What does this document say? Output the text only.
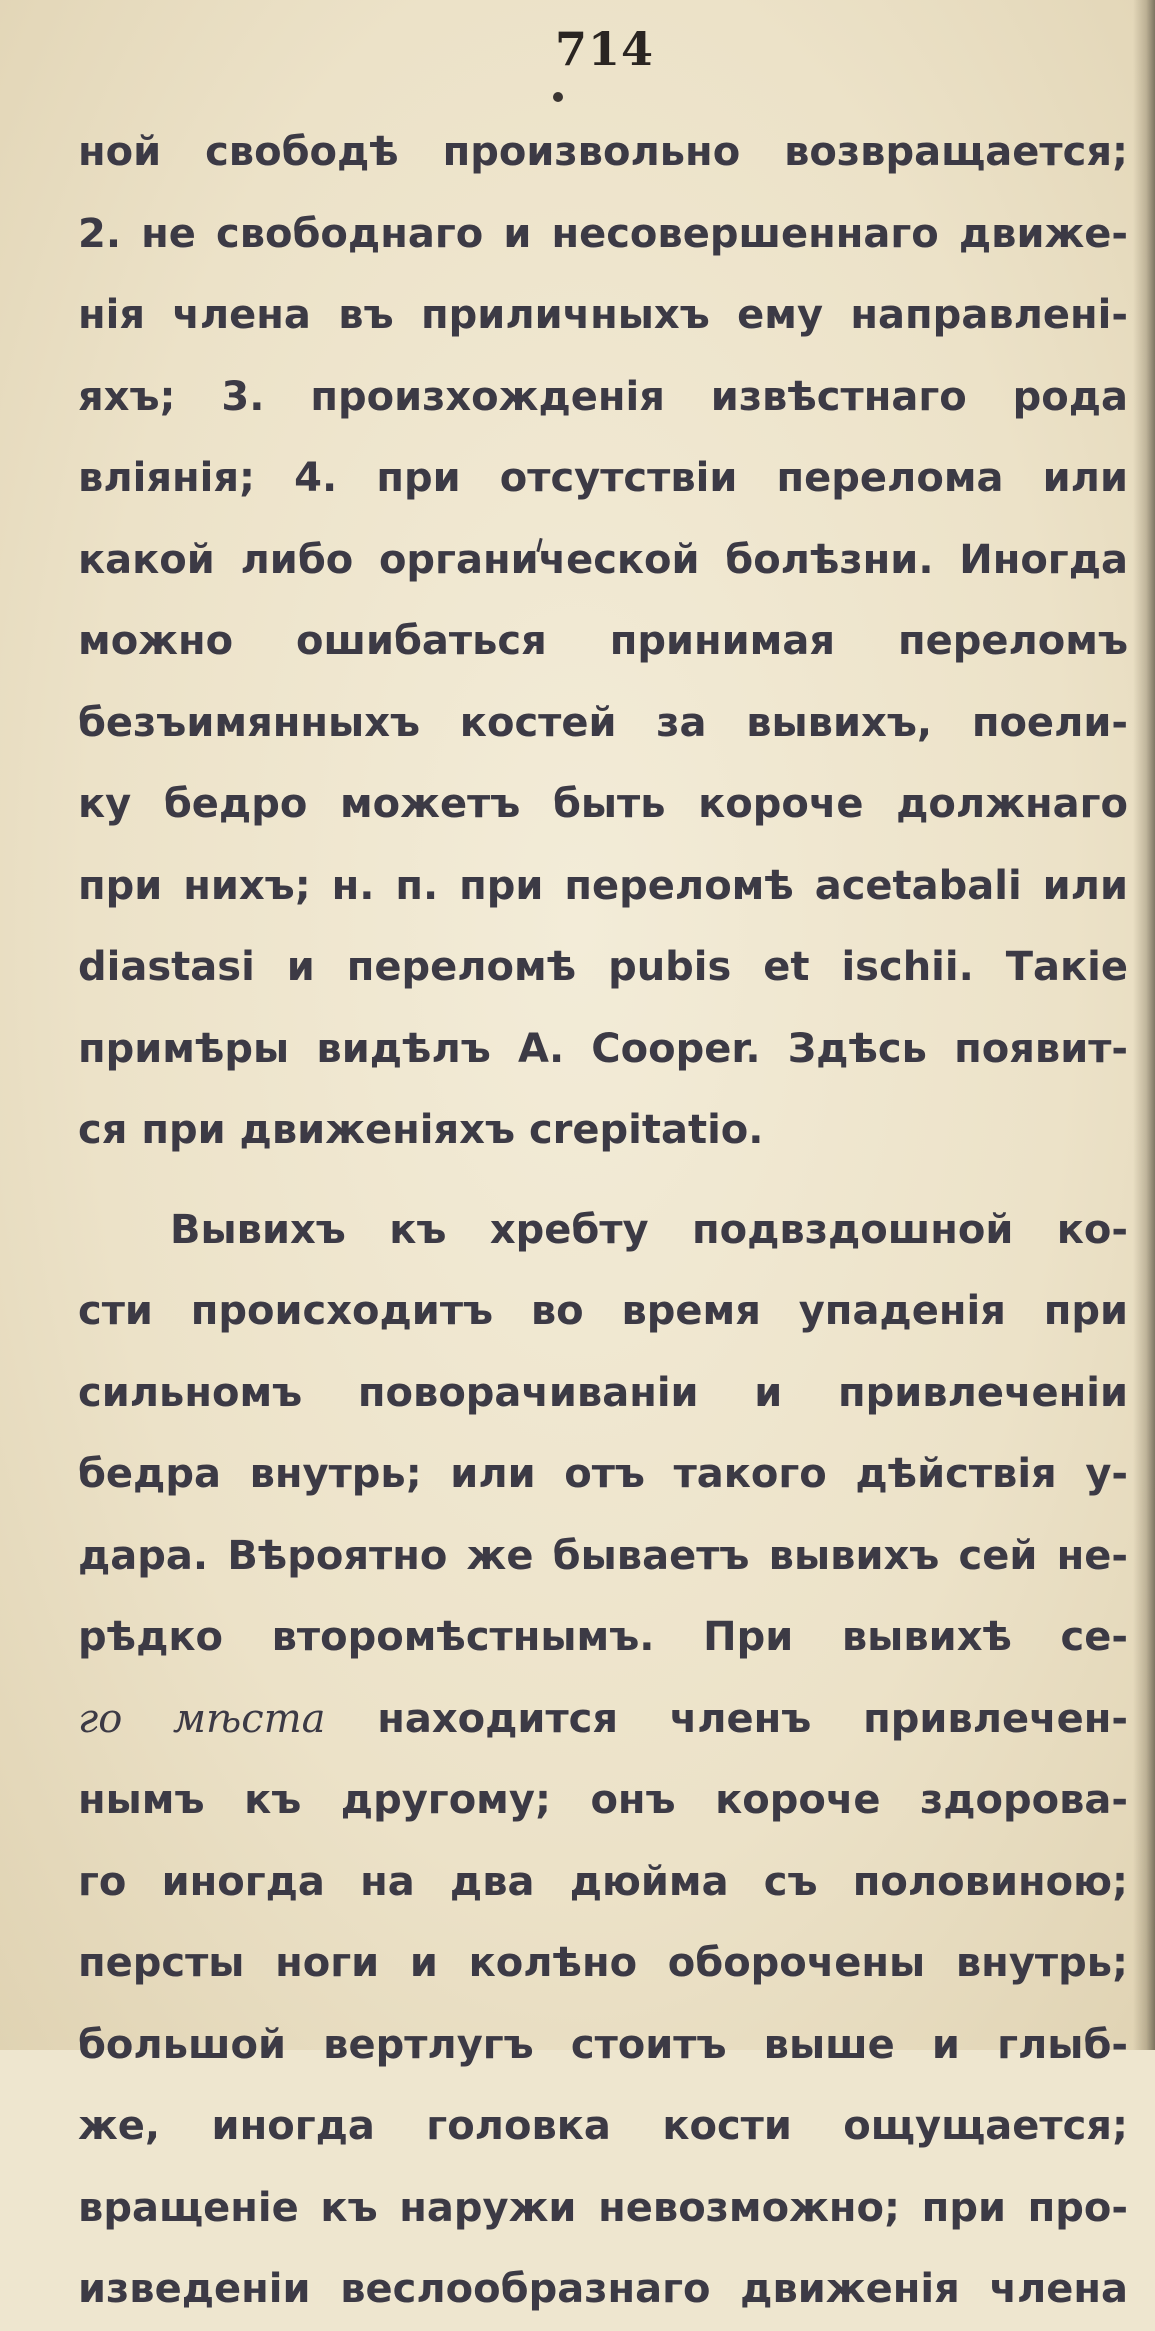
714
ной свободѣ произвольно возвращается;
2. не свободнаго и несовершеннаго движе-
нія члена въ приличныхъ ему направлені-
яхъ; 3. произхожденія извѣстнаго рода
вліянія; 4. при отсутствіи перелома или
какой либо органической болѣзни. Иногда
можно ошибаться принимая переломъ
безъимянныхъ костей за вывихъ, поели-
ку бедро можетъ быть короче должнаго
при нихъ; н. п. при переломѣ acetabali или
diastasi и переломѣ pubis et ischii. Такіе
примѣры видѣлъ А. Cooper. Здѣсь появит-
ся при движеніяхъ crepitatio.
Вывихъ къ хребту подвздошной ко-
сти происходитъ во время упаденія при
сильномъ поворачиваніи и привлеченіи
бедра внутрь; или отъ такого дѣйствія у-
дара. Вѣроятно же бываетъ вывихъ сей не-
рѣдко второмѣстнымъ. При вывихѣ се-
го мѣста находится членъ привлечен-
нымъ къ другому; онъ короче здорова-
го иногда на два дюйма съ половиною;
персты ноги и колѣно оборочены внутрь;
большой вертлугъ стоитъ выше и глыб-
же, иногда головка кости ощущается;
вращеніе къ наружи невозможно; при про-
изведеніи веслообразнаго движенія члена
